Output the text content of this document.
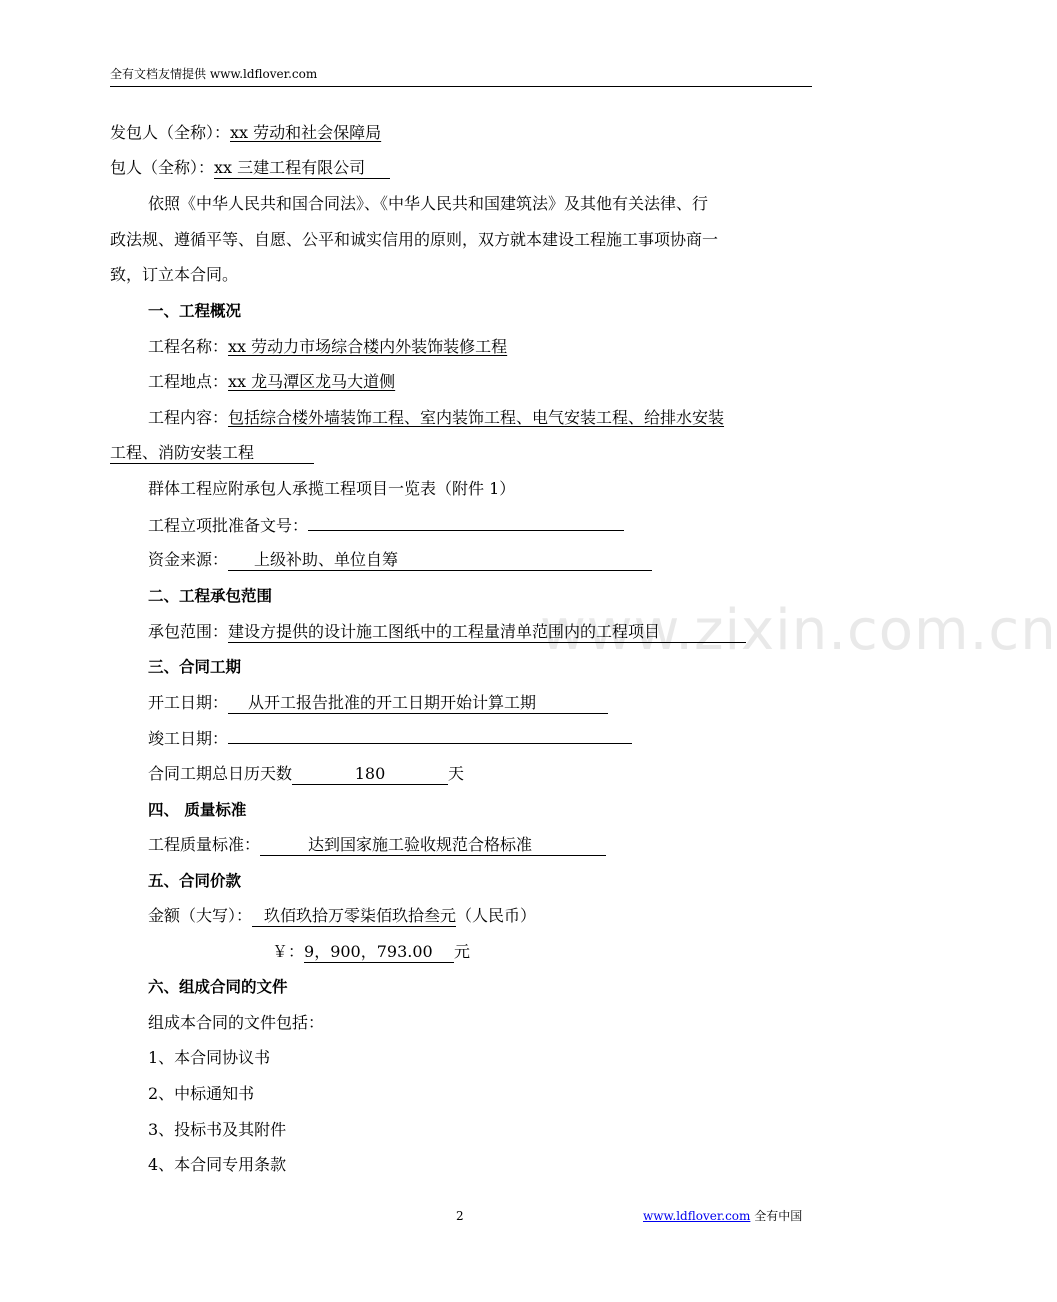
全有文档友情提供 www.ldflover.com
www.zixin.com.cn
发包人（全称）：xx 劳动和社会保障局
包人（全称）：xx 三建工程有限公司
依照《中华人民共和国合同法》、《中华人民共和国建筑法》及其他有关法律、行
政法规、遵循平等、自愿、公平和诚实信用的原则，双方就本建设工程施工事项协商一
致，订立本合同。
一、工程概况
工程名称：xx 劳动力市场综合楼内外装饰装修工程
工程地点：xx 龙马潭区龙马大道侧
工程内容：包括综合楼外墙装饰工程、室内装饰工程、电气安装工程、给排水安装
工程、消防安装工程
群体工程应附承包人承揽工程项目一览表（附件 1）
工程立项批准备文号：
资金来源： 上级补助、单位自筹
二、工程承包范围
承包范围：建设方提供的设计施工图纸中的工程量清单范围内的工程项目
三、合同工期
开工日期： 从开工报告批准的开工日期开始计算工期
竣工日期：
合同工期总日历天数	180	天
四、 质量标准
工程质量标准：	达到国家施工验收规范合格标准
五、合同价款
金额（大写）： 玖佰玖拾万零柒佰玖拾叁元（人民币）
￥：9，900，793.00 元
六、组成合同的文件
组成本合同的文件包括：
1、本合同协议书
2、中标通知书
3、投标书及其附件
4、本合同专用条款
2	www.ldflover.com 全有中国
